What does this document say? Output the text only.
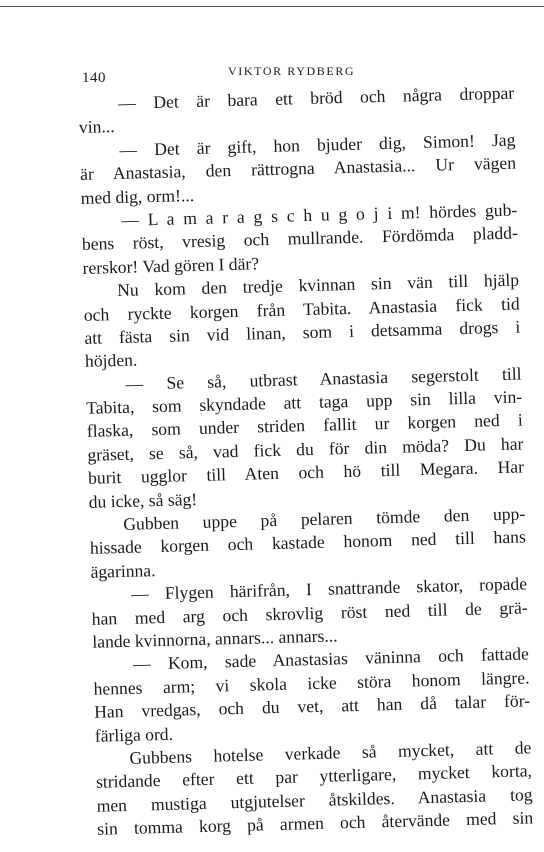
140	VIKTOR RYDBERG
— Det är bara ett bröd och några droppar
vin...
— Det är gift, hon bjuder dig, Simon! Jag
är Anastasia, den rättrogna Anastasia... Ur vägen
med dig, orm!...
— L a m a r a g s c h u g o j i m! hördes gub-
bens röst, vresig och mullrande. Fördömda pladd-
rerskor! Vad gören I där?
Nu kom den tredje kvinnan sin vän till hjälp
och ryckte korgen från Tabita. Anastasia fick tid
att fästa sin vid linan, som i detsamma drogs i
höjden.
— Se så, utbrast Anastasia segerstolt till
Tabita, som skyndade att taga upp sin lilla vin-
flaska, som under striden fallit ur korgen ned i
gräset, se så, vad fick du för din möda? Du har
burit ugglor till Aten och hö till Megara. Har
du icke, så säg!
Gubben uppe på pelaren tömde den upp-
hissade korgen och kastade honom ned till hans
ägarinna.
— Flygen härifrån, I snattrande skator, ropade
han med arg och skrovlig röst ned till de grä-
lande kvinnorna, annars... annars...
— Kom, sade Anastasias väninna och fattade
hennes arm; vi skola icke störa honom längre.
Han vredgas, och du vet, att han då talar för-
färliga ord.
Gubbens hotelse verkade så mycket, att de
stridande efter ett par ytterligare, mycket korta,
men mustiga utgjutelser åtskildes. Anastasia tog
sin tomma korg på armen och återvände med sin
